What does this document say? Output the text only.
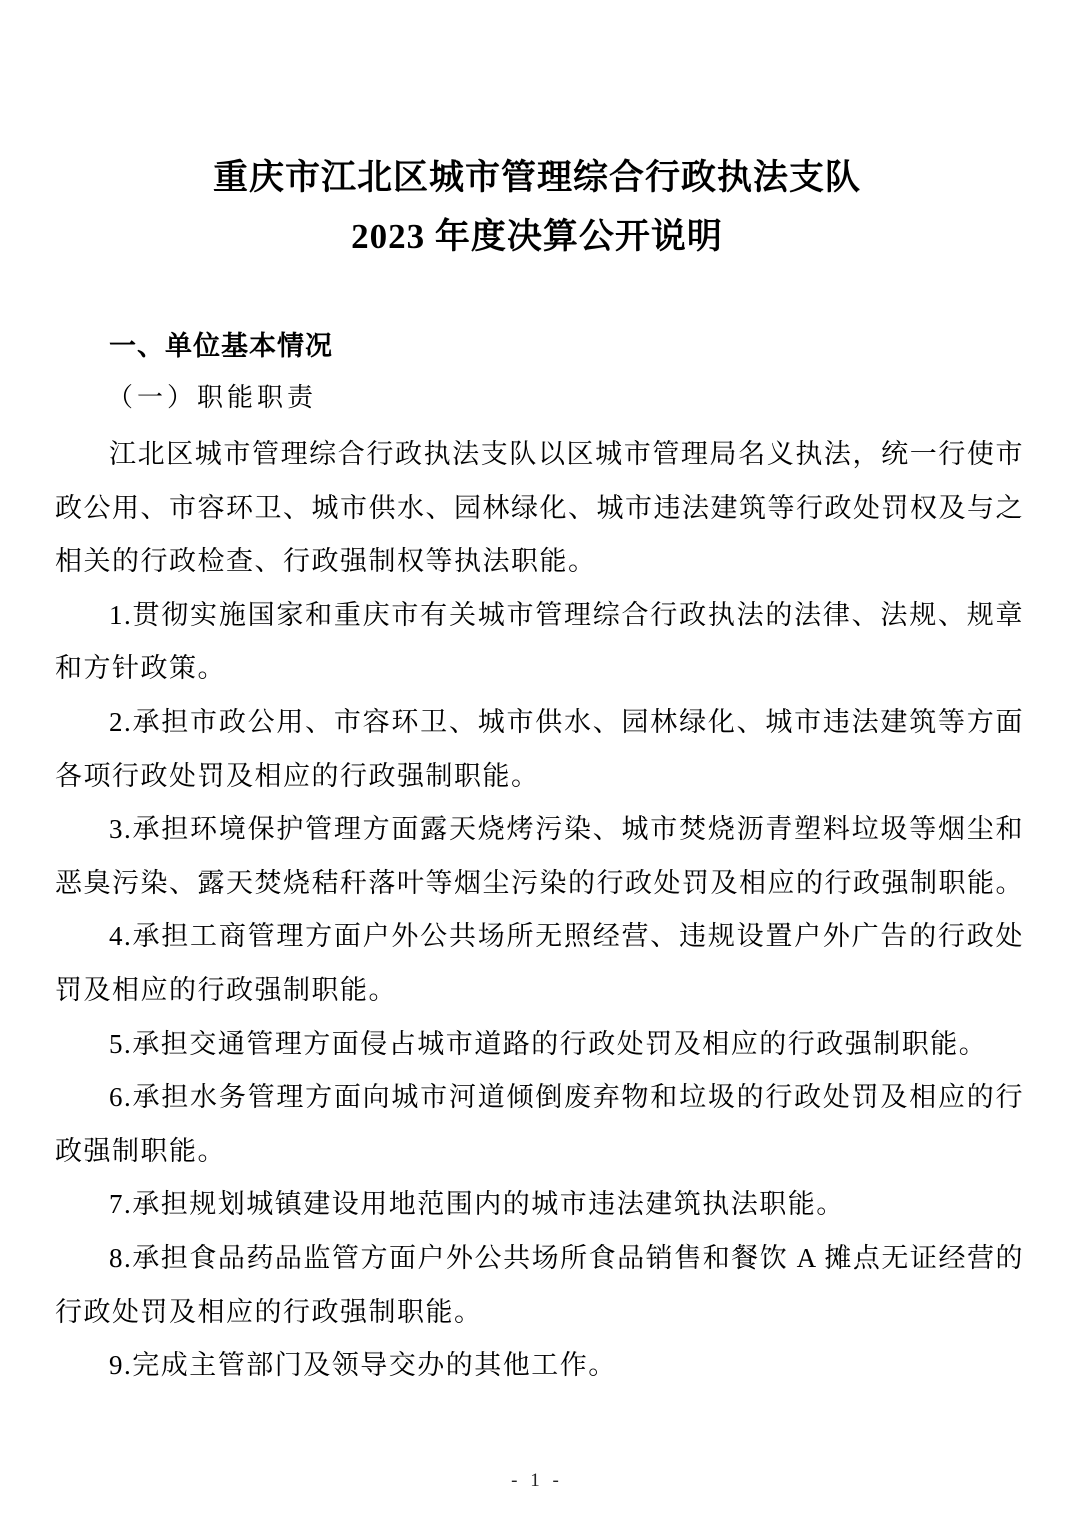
重庆市江北区城市管理综合行政执法支队
2023 年度决算公开说明
一、单位基本情况
（一）职能职责

江北区城市管理综合行政执法支队以区城市管理局名义执法，统一行使市政公用、市容环卫、城市供水、园林绿化、城市违法建筑等行政处罚权及与之相关的行政检查、行政强制权等执法职能。

1.贯彻实施国家和重庆市有关城市管理综合行政执法的法律、法规、规章和方针政策。

2.承担市政公用、市容环卫、城市供水、园林绿化、城市违法建筑等方面各项行政处罚及相应的行政强制职能。

3.承担环境保护管理方面露天烧烤污染、城市焚烧沥青塑料垃圾等烟尘和恶臭污染、露天焚烧秸秆落叶等烟尘污染的行政处罚及相应的行政强制职能。

4.承担工商管理方面户外公共场所无照经营、违规设置户外广告的行政处罚及相应的行政强制职能。

5.承担交通管理方面侵占城市道路的行政处罚及相应的行政强制职能。

6.承担水务管理方面向城市河道倾倒废弃物和垃圾的行政处罚及相应的行政强制职能。

7.承担规划城镇建设用地范围内的城市违法建筑执法职能。

8.承担食品药品监管方面户外公共场所食品销售和餐饮 A 摊点无证经营的行政处罚及相应的行政强制职能。

9.完成主管部门及领导交办的其他工作。

- 1 -
